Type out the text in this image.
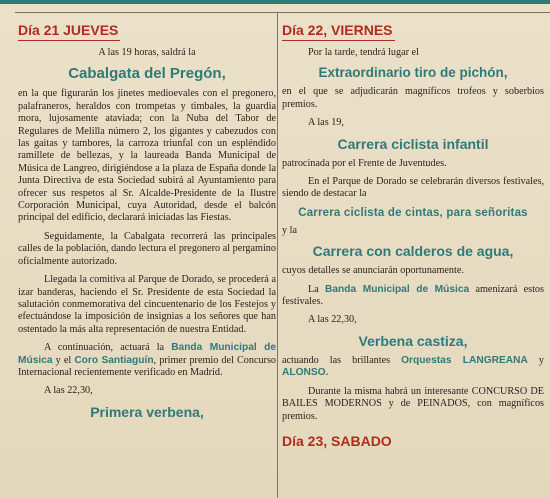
Día 21 JUEVES

A las 19 horas, saldrá la

Cabalgata del Pregón,

en la que figurarán los jinetes medioevales con el pregonero, palafraneros, heraldos con trompetas y timbales, la guardia mora, lujosamente ataviada; con la Nuba del Tabor de Regulares de Melilla número 2, los gigantes y cabezudos con las gaitas y tambores, la carroza triunfal con un espléndido ramillete de bellezas, y la laureada Banda Municipal de Música de Langreo, dirigiéndose a la plaza de España donde la Junta Directiva de esta Sociedad subirá al Ayuntamiento para ofrecer sus respetos al Sr. Alcalde-Presidente de la Ilustre Corporación Municipal, cuya Autoridad, desde el balcón principal del edificio, declarará iniciadas las Fiestas.

Seguidamente, la Cabalgata recorrerá las principales calles de la población, dando lectura el pregonero al pergamino oficialmente autorizado.

Llegada la comitiva al Parque de Dorado, se procederá a izar banderas, haciendo el Sr. Presidente de esta Sociedad la salutación conmemorativa del cincuentenario de los Festejos y efectuándose la imposición de insignias a los señores que han ostentado la más alta representación de nuestra Entidad.

A continuación, actuará la Banda Municipal de Música y el Coro Santiaguín, primer premio del Concurso Internacional recientemente verificado en Madrid.

A las 22,30,

Primera verbena,
Día 22, VIERNES

Por la tarde, tendrá lugar el

Extraordinario tiro de pichón,

en el que se adjudicarán magníficos trofeos y soberbios premios.

A las 19,

Carrera ciclista infantil

patrocinada por el Frente de Juventudes.

En el Parque de Dorado se celebrarán diversos festivales, siendo de destacar la

Carrera ciclista de cintas, para señoritas

y la

Carrera con calderos de agua,

cuyos detalles se anunciarán oportunamente.

La Banda Municipal de Música amenizará estos festivales.

A las 22,30,

Verbena castiza,

actuando las brillantes Orquestas LANGREANA y ALONSO.

Durante la misma habrá un interesante CONCURSO DE BAILES MODERNOS y de PEINADOS, con magníficos premios.

Día 23, SABADO
